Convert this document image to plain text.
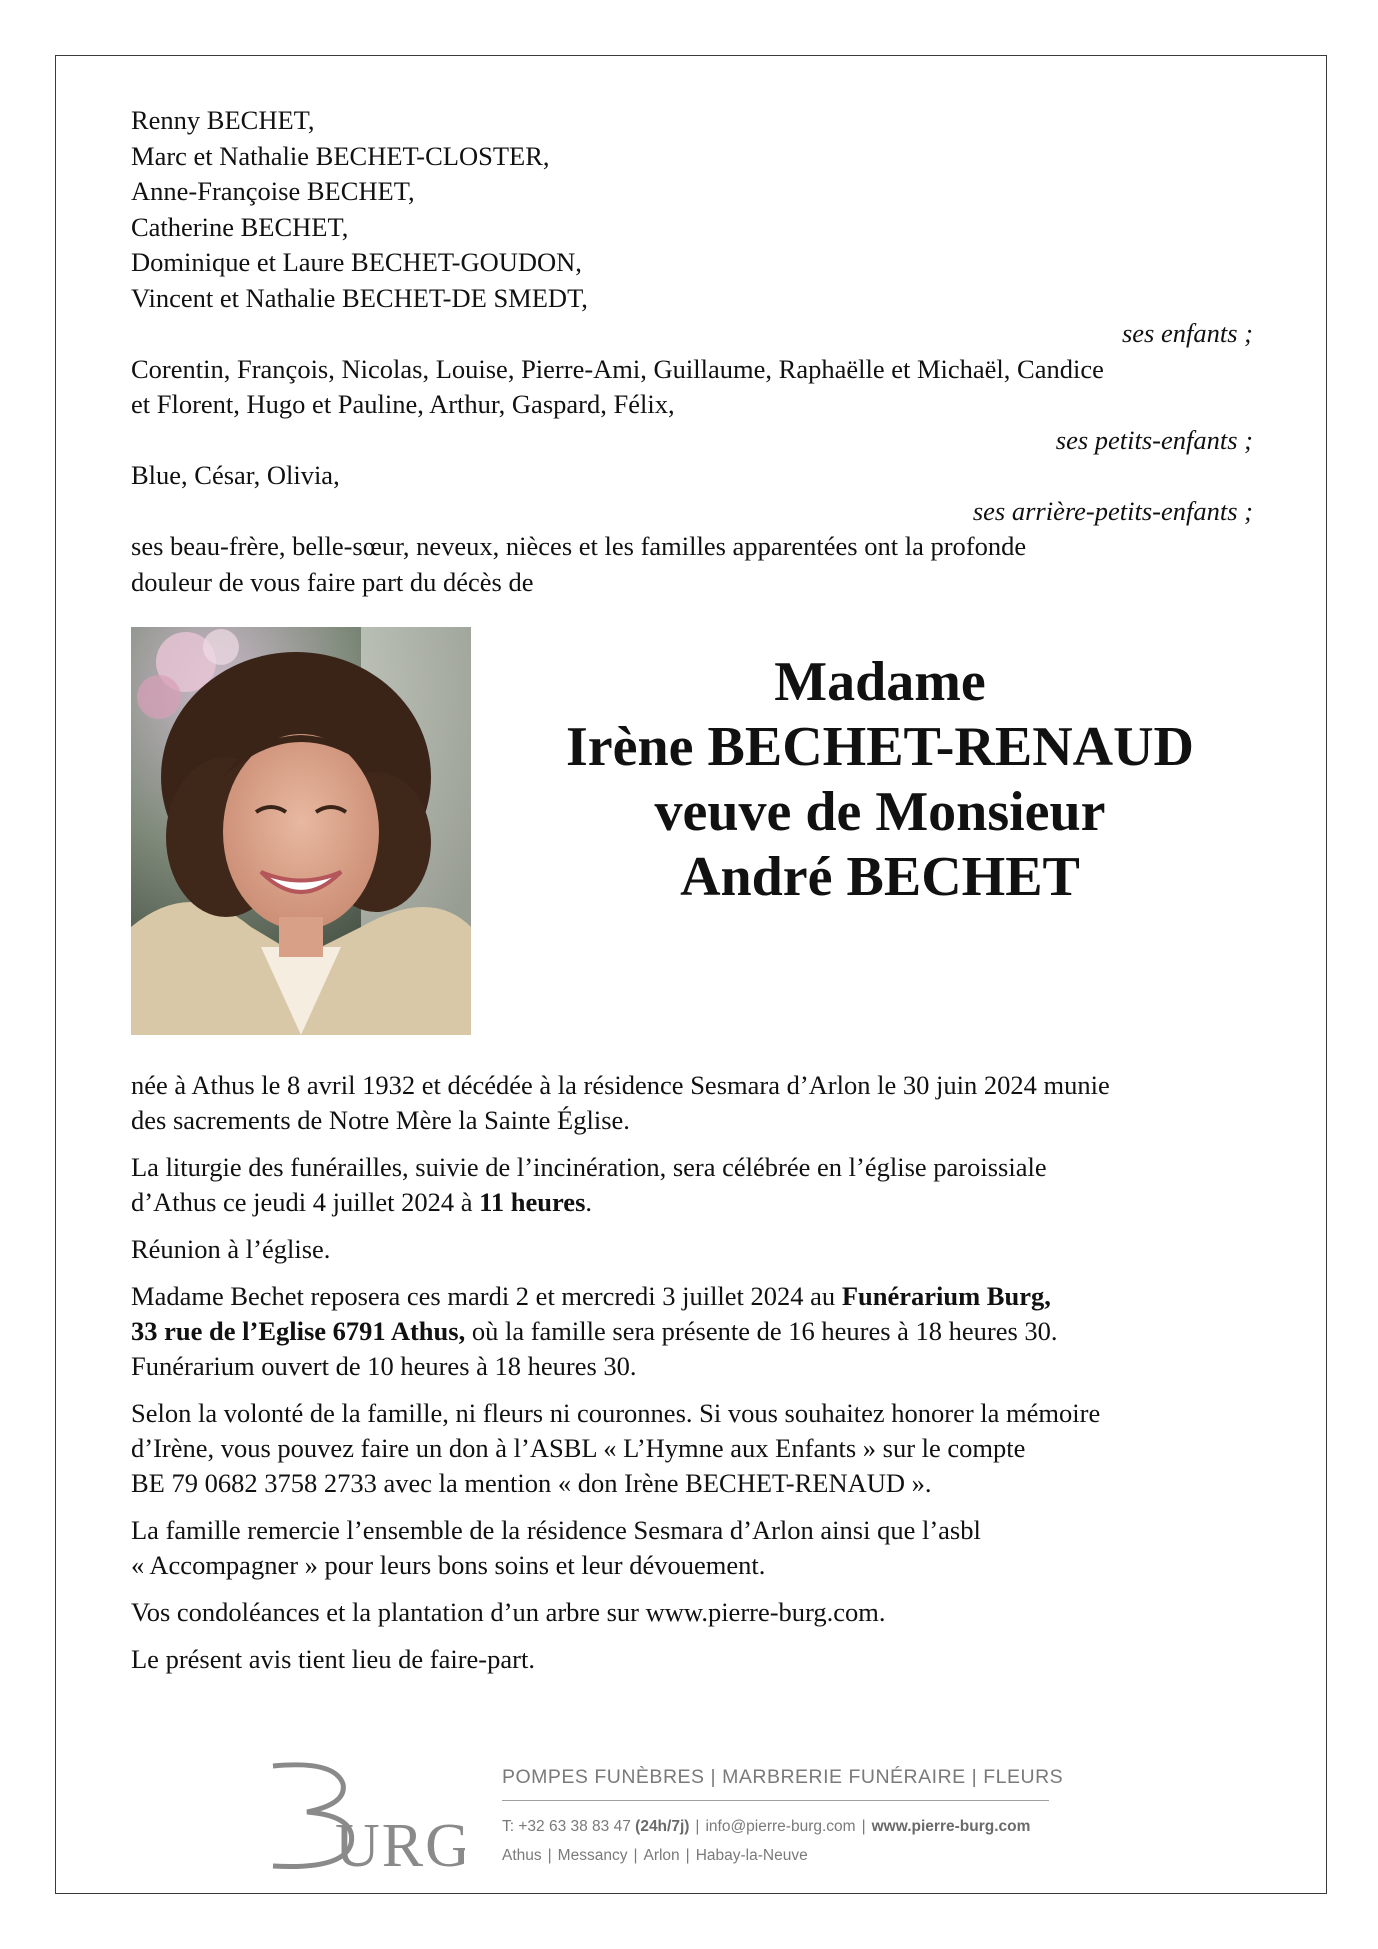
Renny BECHET,
Marc et Nathalie BECHET-CLOSTER,
Anne-Françoise BECHET,
Catherine BECHET,
Dominique et Laure BECHET-GOUDON,
Vincent et Nathalie BECHET-DE SMEDT,
ses enfants ;
Corentin, François, Nicolas, Louise, Pierre-Ami, Guillaume, Raphaëlle et Michaël, Candice
et Florent, Hugo et Pauline, Arthur, Gaspard, Félix,
ses petits-enfants ;
Blue, César, Olivia,
ses arrière-petits-enfants ;
ses beau-frère, belle-sœur, neveux, nièces et les familles apparentées ont la profonde
douleur de vous faire part du décès de
Madame
Irène BECHET-RENAUD
veuve de Monsieur
André BECHET

née à Athus le 8 avril 1932 et décédée à la résidence Sesmara d’Arlon le 30 juin 2024 munie
des sacrements de Notre Mère la Sainte Église.

La liturgie des funérailles, suivie de l’incinération, sera célébrée en l’église paroissiale
d’Athus ce jeudi 4 juillet 2024 à 11 heures.

Réunion à l’église.

Madame Bechet reposera ces mardi 2 et mercredi 3 juillet 2024 au Funérarium Burg,
33 rue de l’Eglise 6791 Athus, où la famille sera présente de 16 heures à 18 heures 30.
Funérarium ouvert de 10 heures à 18 heures 30.

Selon la volonté de la famille, ni fleurs ni couronnes. Si vous souhaitez honorer la mémoire
d’Irène, vous pouvez faire un don à l’ASBL « L’Hymne aux Enfants » sur le compte
BE 79 0682 3758 2733 avec la mention « don Irène BECHET-RENAUD ».

La famille remercie l’ensemble de la résidence Sesmara d’Arlon ainsi que l’asbl
« Accompagner » pour leurs bons soins et leur dévouement.

Vos condoléances et la plantation d’un arbre sur www.pierre-burg.com.

Le présent avis tient lieu de faire-part.

URG
POMPES FUNÈBRES | MARBRERIE FUNÉRAIRE | FLEURS
T: +32 63 38 83 47 (24h/7j) | info@pierre-burg.com | www.pierre-burg.com
Athus | Messancy | Arlon | Habay-la-Neuve
